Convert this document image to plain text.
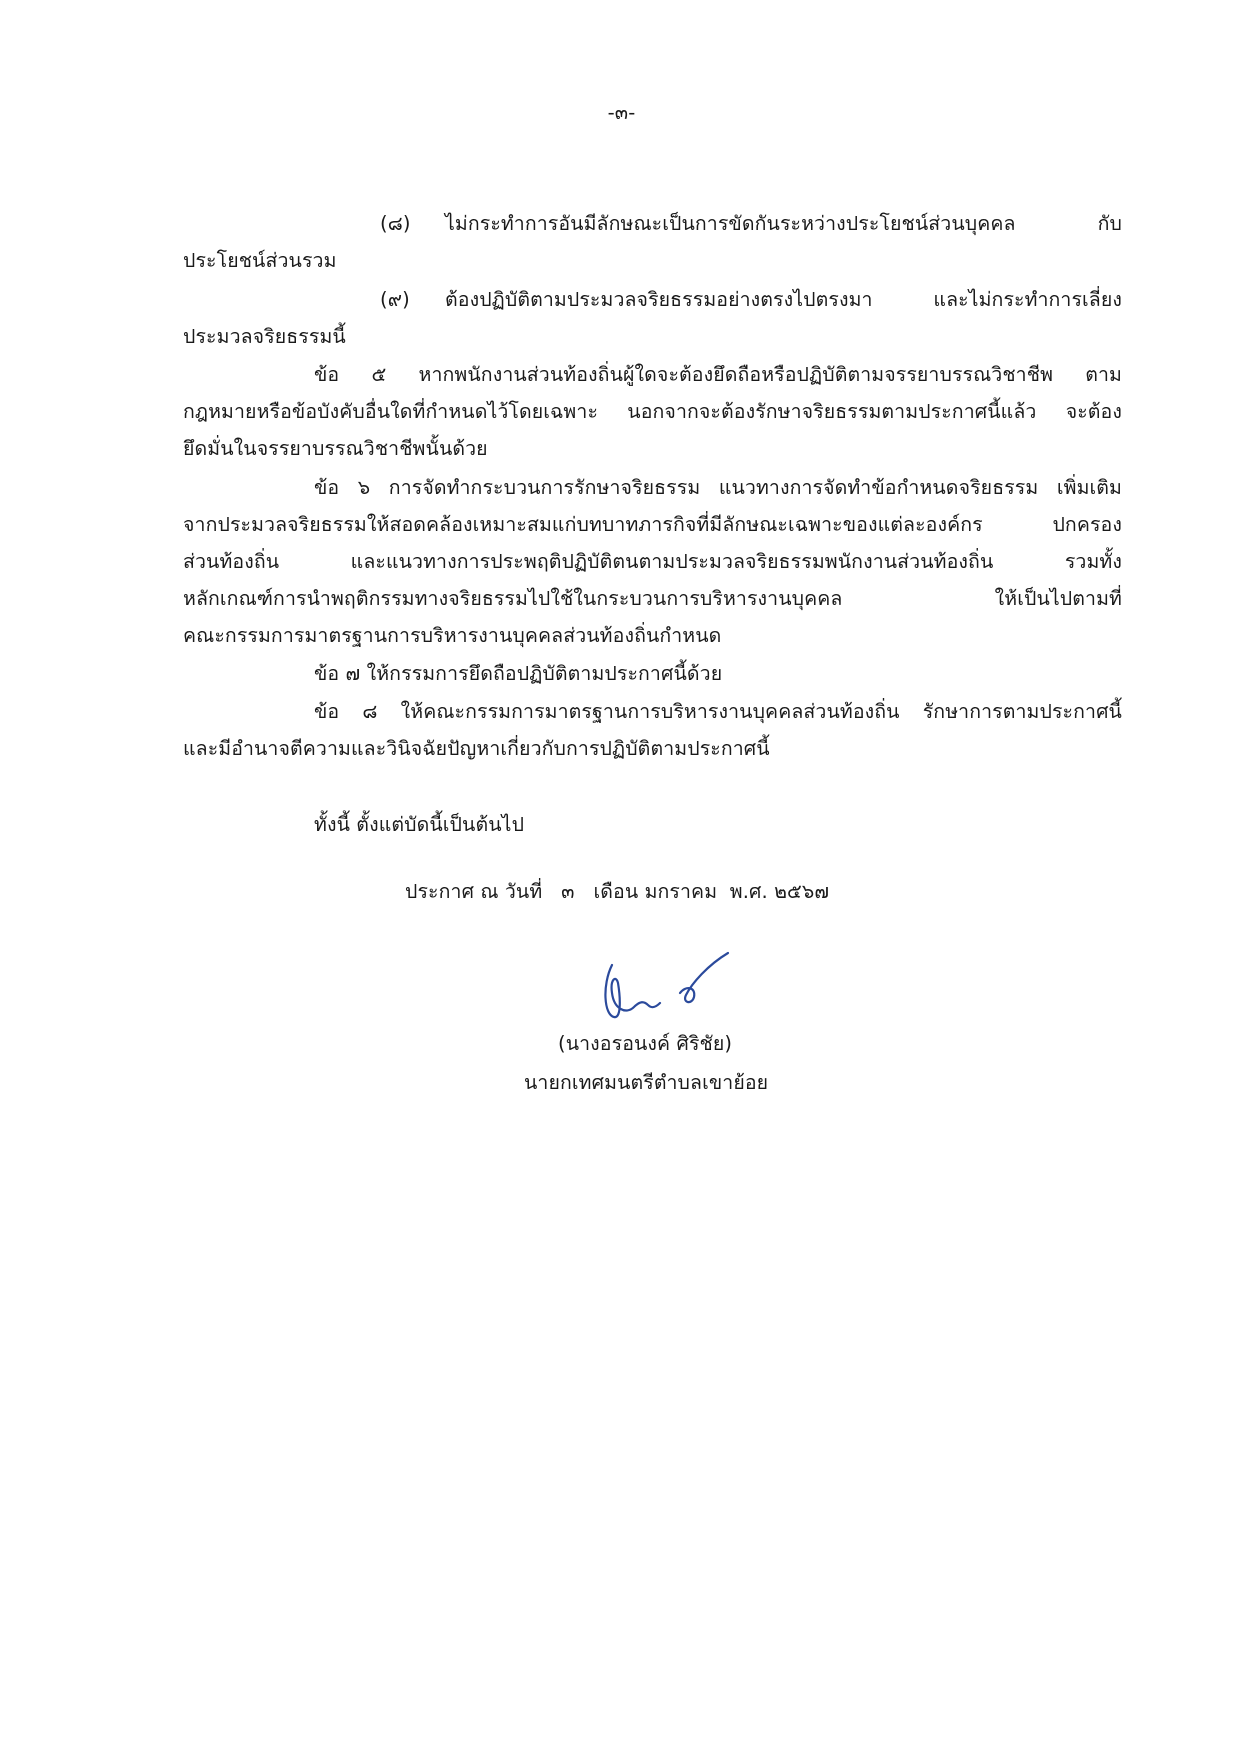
-๓-
(๘) ไม่กระทำการอันมีลักษณะเป็นการขัดกันระหว่างประโยชน์ส่วนบุคคล กับ
ประโยชน์ส่วนรวม
(๙) ต้องปฏิบัติตามประมวลจริยธรรมอย่างตรงไปตรงมา และไม่กระทำการเลี่ยง
ประมวลจริยธรรมนี้
ข้อ ๕ หากพนักงานส่วนท้องถิ่นผู้ใดจะต้องยึดถือหรือปฏิบัติตามจรรยาบรรณวิชาชีพ ตาม
กฎหมายหรือข้อบังคับอื่นใดที่กำหนดไว้โดยเฉพาะ นอกจากจะต้องรักษาจริยธรรมตามประกาศนี้แล้ว จะต้อง
ยึดมั่นในจรรยาบรรณวิชาชีพนั้นด้วย
ข้อ ๖ การจัดทำกระบวนการรักษาจริยธรรม แนวทางการจัดทำข้อกำหนดจริยธรรม เพิ่มเติม
จากประมวลจริยธรรมให้สอดคล้องเหมาะสมแก่บทบาทภารกิจที่มีลักษณะเฉพาะของแต่ละองค์กร ปกครอง
ส่วนท้องถิ่น และแนวทางการประพฤติปฏิบัติตนตามประมวลจริยธรรมพนักงานส่วนท้องถิ่น รวมทั้ง
หลักเกณฑ์การนำพฤติกรรมทางจริยธรรมไปใช้ในกระบวนการบริหารงานบุคคล ให้เป็นไปตามที่
คณะกรรมการมาตรฐานการบริหารงานบุคคลส่วนท้องถิ่นกำหนด
ข้อ ๗ ให้กรรมการยึดถือปฏิบัติตามประกาศนี้ด้วย
ข้อ ๘ ให้คณะกรรมการมาตรฐานการบริหารงานบุคคลส่วนท้องถิ่น รักษาการตามประกาศนี้
และมีอำนาจตีความและวินิจฉัยปัญหาเกี่ยวกับการปฏิบัติตามประกาศนี้
ทั้งนี้ ตั้งแต่บัดนี้เป็นต้นไป
ประกาศ ณ วันที่   ๓   เดือน มกราคม  พ.ศ. ๒๕๖๗
(นางอรอนงค์ ศิริชัย)
นายกเทศมนตรีตำบลเขาย้อย
